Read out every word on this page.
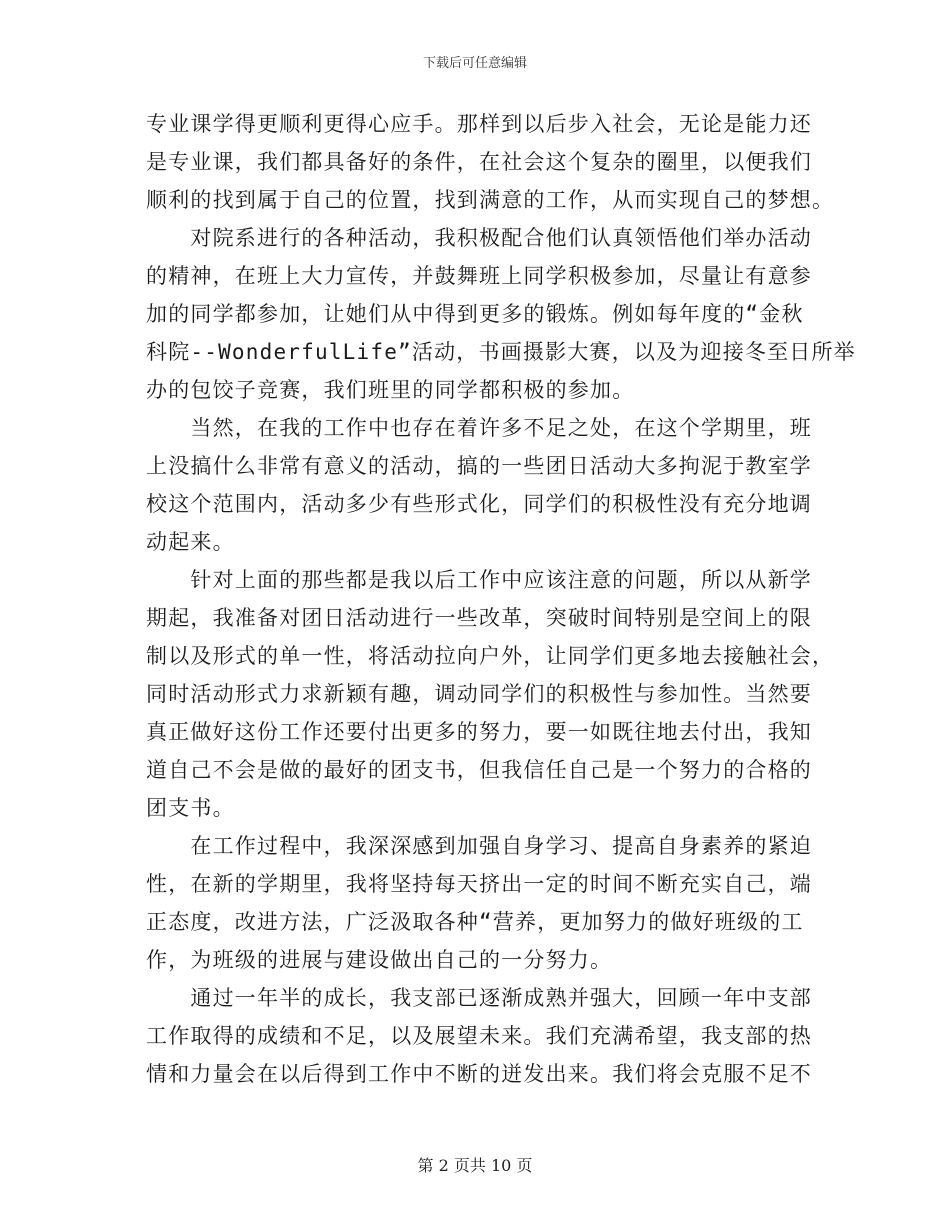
下载后可任意编辑
专业课学得更顺利更得心应手。那样到以后步入社会，无论是能力还
是专业课，我们都具备好的条件，在社会这个复杂的圈里，以便我们
顺利的找到属于自己的位置，找到满意的工作，从而实现自己的梦想。
　　对院系进行的各种活动，我积极配合他们认真领悟他们举办活动
的精神，在班上大力宣传，并鼓舞班上同学积极参加，尽量让有意参
加的同学都参加，让她们从中得到更多的锻炼。例如每年度的“金秋
科院--WonderfulLife”活动，书画摄影大赛，以及为迎接冬至日所举
办的包饺子竞赛，我们班里的同学都积极的参加。
　　当然，在我的工作中也存在着许多不足之处，在这个学期里，班
上没搞什么非常有意义的活动，搞的一些团日活动大多拘泥于教室学
校这个范围内，活动多少有些形式化，同学们的积极性没有充分地调
动起来。
　　针对上面的那些都是我以后工作中应该注意的问题，所以从新学
期起，我准备对团日活动进行一些改革，突破时间特别是空间上的限
制以及形式的单一性，将活动拉向户外，让同学们更多地去接触社会，
同时活动形式力求新颖有趣，调动同学们的积极性与参加性。当然要
真正做好这份工作还要付出更多的努力，要一如既往地去付出，我知
道自己不会是做的最好的团支书，但我信任自己是一个努力的合格的
团支书。
　　在工作过程中，我深深感到加强自身学习、提高自身素养的紧迫
性，在新的学期里，我将坚持每天挤出一定的时间不断充实自己，端
正态度，改进方法，广泛汲取各种“营养，更加努力的做好班级的工
作，为班级的进展与建设做出自己的一分努力。
　　通过一年半的成长，我支部已逐渐成熟并强大，回顾一年中支部
工作取得的成绩和不足，以及展望未来。我们充满希望，我支部的热
情和力量会在以后得到工作中不断的迸发出来。我们将会克服不足不
第 2 页共 10 页
